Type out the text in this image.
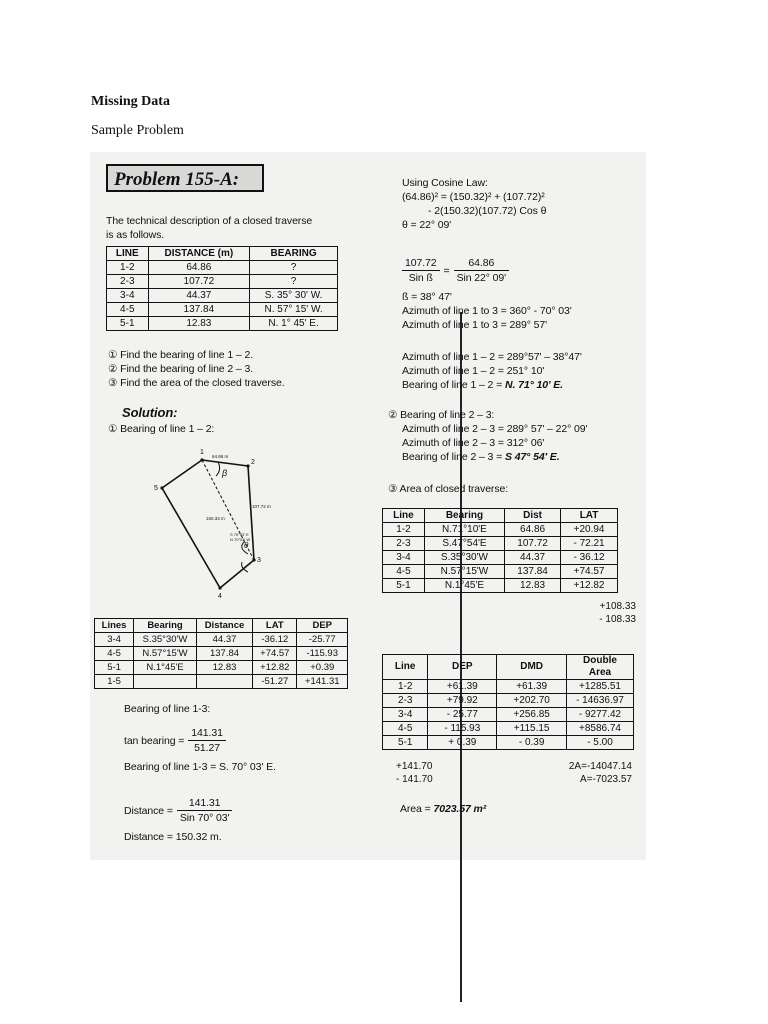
Missing Data
Sample Problem
Problem 155-A:
The technical description of a closed traverse
is as follows.
LINE	DISTANCE (m)	BEARING
1-2	64.86	?
2-3	107.72	?
3-4	44.37	S. 35° 30' W.
4-5	137.84	N. 57° 15' W.
5-1	12.83	N. 1° 45' E.
① Find the bearing of line 1 – 2.
② Find the bearing of line 2 – 3.
③ Find the area of the closed traverse.
Solution:
① Bearing of line 1 – 2:
1
2
3
4
5
64.86 m
107.72 m
150.33 m
S 70°03' E
N 70°03' W
β
θ
Lines	Bearing	Distance	LAT	DEP
3-4	S.35°30'W	44.37	-36.12	-25.77
4-5	N.57°15'W	137.84	+74.57	-115.93
5-1	N.1°45'E	12.83	+12.82	+0.39
1-5			-51.27	+141.31
Bearing of line 1-3:
tan bearing = $\frac{141.31}{51.27}$
Bearing of line 1-3 = S. 70° 03' E.
Distance = $\frac{141.31}{\text{Sin 70° 03'}}$
Distance = 150.32 m.
Using Cosine Law:
(64.86)² = (150.32)² + (107.72)²
- 2(150.32)(107.72) Cos θ
θ = 22° 09'
$\frac{107.72}{\text{Sin ß}} = \frac{64.86}{\text{Sin 22° 09'}}$
ß = 38° 47'
Azimuth of line 1 to 3 = 360° - 70° 03'
Azimuth of line 1 to 3 = 289° 57'
Azimuth of line 1 – 2 = 289°57' – 38°47'
Azimuth of line 1 – 2 = 251° 10'
Bearing of line 1 – 2 = N. 71° 10' E.
② Bearing of line 2 – 3:
Azimuth of line 2 – 3 = 289° 57' – 22° 09'
Azimuth of line 2 – 3 = 312° 06'
Bearing of line 2 – 3 = S 47° 54' E.
③ Area of closed traverse:
Line	Bearing	Dist	LAT
1-2	N.71°10'E	64.86	+20.94
2-3	S.47°54'E	107.72	- 72.21
3-4	S.35°30'W	44.37	- 36.12
4-5	N.57°15'W	137.84	+74.57
5-1	N.1°45'E	12.83	+12.82
+108.33
- 108.33
Line	DEP	DMD	Double Area
1-2	+61.39	+61.39	+1285.51
2-3	+79.92	+202.70	- 14636.97
3-4	- 25.77	+256.85	- 9277.42
4-5	- 115.93	+115.15	+8586.74
5-1	+ 0.39	- 0.39	- 5.00
+141.70
- 141.70
2A=-14047.14
A=-7023.57
Area = 7023.57 m²
